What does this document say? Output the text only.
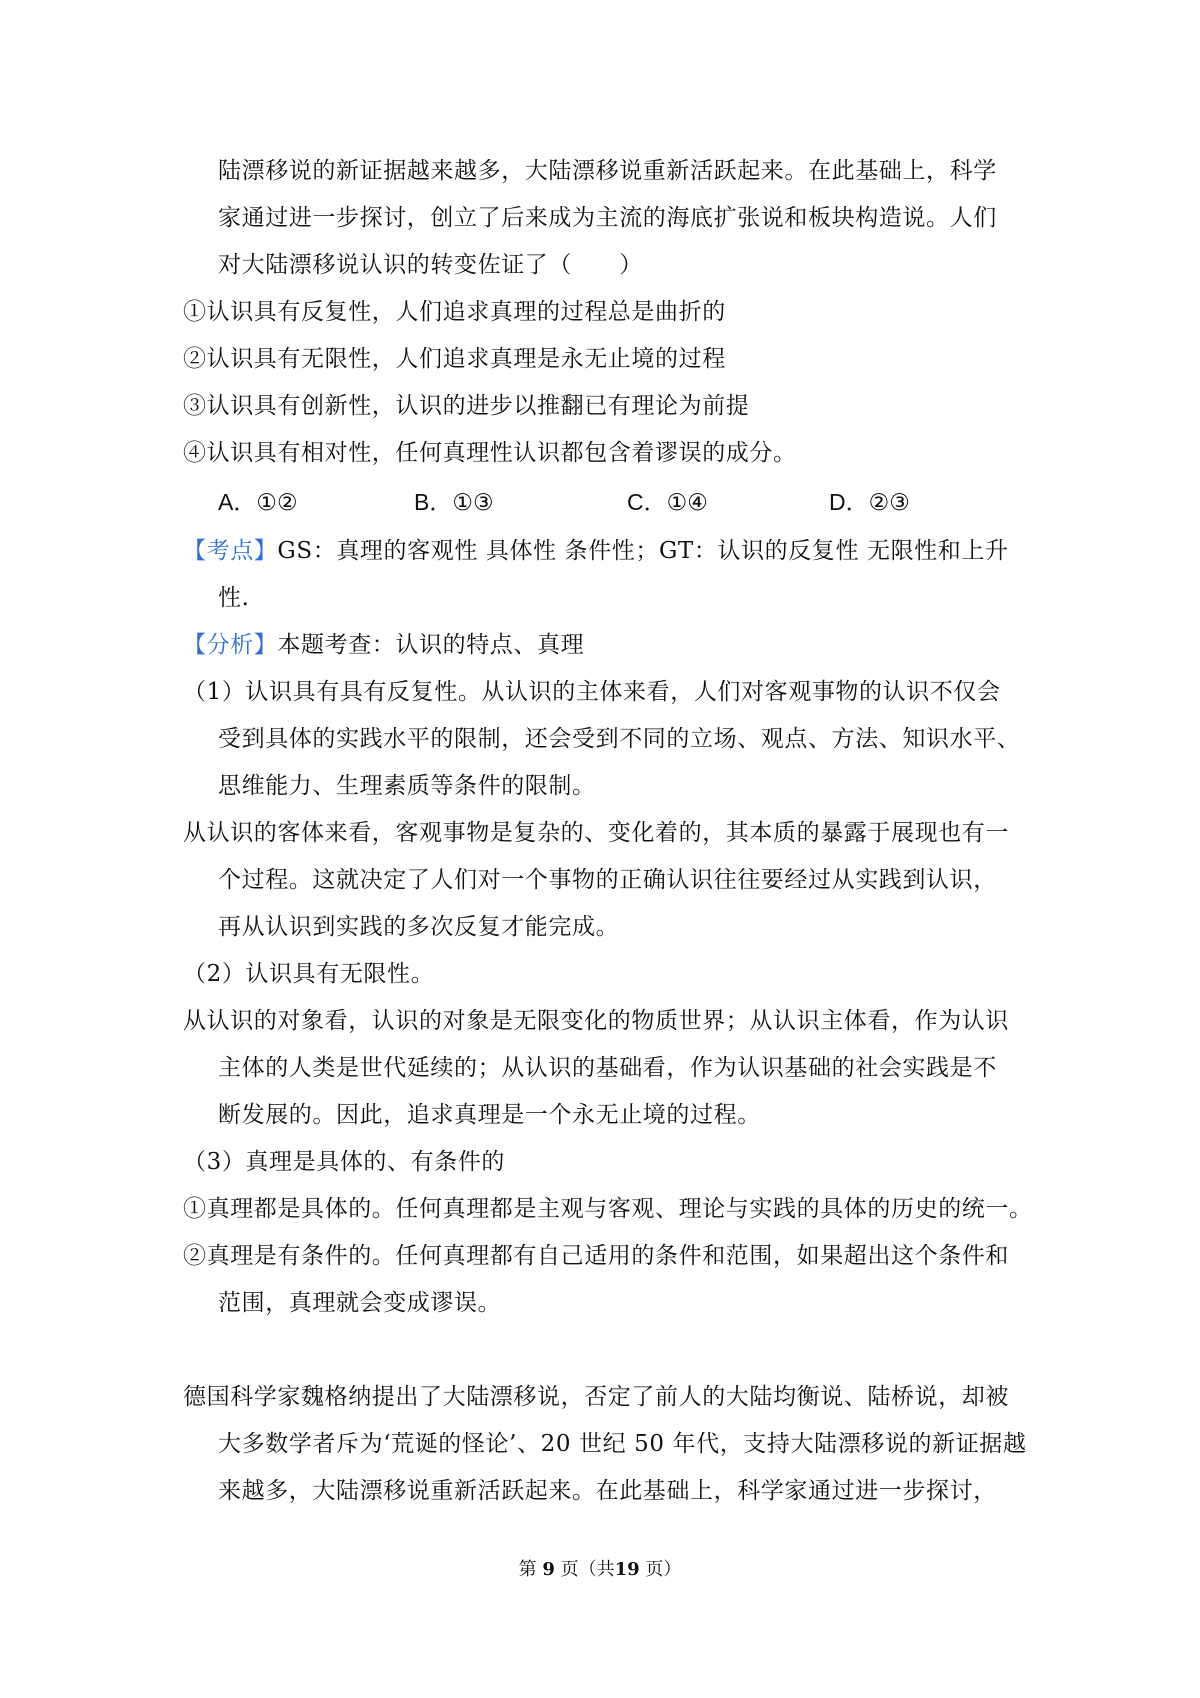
陆漂移说的新证据越来越多，大陆漂移说重新活跃起来。在此基础上，科学
家通过进一步探讨，创立了后来成为主流的海底扩张说和板块构造说。人们
对大陆漂移说认识的转变佐证了（　　）
①认识具有反复性，人们追求真理的过程总是曲折的
②认识具有无限性，人们追求真理是永无止境的过程
③认识具有创新性，认识的进步以推翻已有理论为前提
④认识具有相对性，任何真理性认识都包含着谬误的成分。
A．①②	B．①③	C．①④	D．②③
【考点】GS：真理的客观性 具体性 条件性；GT：认识的反复性 无限性和上升
性.
【分析】本题考查：认识的特点、真理
（1）认识具有具有反复性。从认识的主体来看，人们对客观事物的认识不仅会
受到具体的实践水平的限制，还会受到不同的立场、观点、方法、知识水平、
思维能力、生理素质等条件的限制。
从认识的客体来看，客观事物是复杂的、变化着的，其本质的暴露于展现也有一
个过程。这就决定了人们对一个事物的正确认识往往要经过从实践到认识，
再从认识到实践的多次反复才能完成。
（2）认识具有无限性。
从认识的对象看，认识的对象是无限变化的物质世界；从认识主体看，作为认识
主体的人类是世代延续的；从认识的基础看，作为认识基础的社会实践是不
断发展的。因此，追求真理是一个永无止境的过程。
（3）真理是具体的、有条件的
①真理都是具体的。任何真理都是主观与客观、理论与实践的具体的历史的统一。
②真理是有条件的。任何真理都有自己适用的条件和范围，如果超出这个条件和
范围，真理就会变成谬误。
德国科学家魏格纳提出了大陆漂移说，否定了前人的大陆均衡说、陆桥说，却被
大多数学者斥为‘荒诞的怪论’、20 世纪 50 年代，支持大陆漂移说的新证据越
来越多，大陆漂移说重新活跃起来。在此基础上，科学家通过进一步探讨，
第 9 页（共19 页）
